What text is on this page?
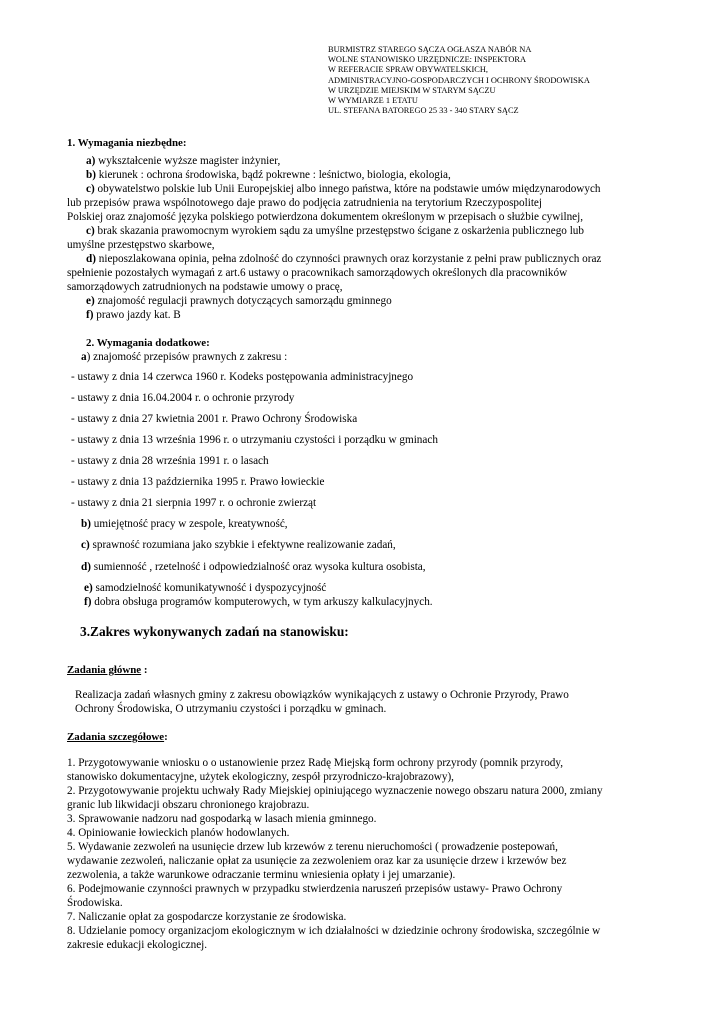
BURMISTRZ STAREGO SĄCZA OGŁASZA NABÓR NA
WOLNE STANOWISKO URZĘDNICZE: INSPEKTORA
W REFERACIE SPRAW OBYWATELSKICH,
ADMINISTRACYJNO-GOSPODARCZYCH I OCHRONY ŚRODOWISKA
W URZĘDZIE MIEJSKIM W STARYM SĄCZU
W WYMIARZE 1 ETATU
UL. STEFANA BATOREGO 25 33 - 340 STARY SĄCZ
1. Wymagania niezbędne:
a) wykształcenie wyższe magister inżynier,
b) kierunek : ochrona środowiska, bądź pokrewne : leśnictwo, biologia, ekologia,
c) obywatelstwo polskie lub Unii Europejskiej albo innego państwa, które na podstawie umów międzynarodowych
lub przepisów prawa wspólnotowego daje prawo do podjęcia zatrudnienia na terytorium Rzeczypospolitej
Polskiej oraz znajomość języka polskiego potwierdzona dokumentem określonym w przepisach o służbie cywilnej,
c) brak skazania prawomocnym wyrokiem sądu za umyślne przestępstwo ścigane z oskarżenia publicznego lub
umyślne przestępstwo skarbowe,
d) nieposzlakowana opinia, pełna zdolność do czynności prawnych oraz korzystanie z pełni praw publicznych oraz
spełnienie pozostałych wymagań z art.6 ustawy o pracownikach samorządowych określonych dla pracowników
samorządowych zatrudnionych na podstawie umowy o pracę,
e) znajomość regulacji prawnych dotyczących samorządu gminnego
f) prawo jazdy kat. B
2. Wymagania dodatkowe:
a) znajomość przepisów prawnych z zakresu :
- ustawy z dnia 14 czerwca 1960 r. Kodeks postępowania administracyjnego
- ustawy z dnia 16.04.2004 r. o ochronie przyrody
- ustawy z dnia 27 kwietnia 2001 r. Prawo Ochrony Środowiska
- ustawy z dnia 13 września 1996 r. o utrzymaniu czystości i porządku w gminach
- ustawy z dnia 28 września 1991 r. o lasach
- ustawy z dnia 13 października 1995 r. Prawo łowieckie
- ustawy z dnia 21 sierpnia 1997 r. o ochronie zwierząt
b) umiejętność pracy w zespole, kreatywność,
c) sprawność rozumiana jako szybkie i efektywne realizowanie zadań,
d) sumienność , rzetelność i odpowiedzialność oraz wysoka kultura osobista,
e) samodzielność komunikatywność i dyspozycyjność
f) dobra obsługa programów komputerowych, w tym arkuszy kalkulacyjnych.
3.Zakres wykonywanych zadań na stanowisku:
Zadania główne :
Realizacja zadań własnych gminy z zakresu obowiązków wynikających z ustawy o Ochronie Przyrody, Prawo
Ochrony Środowiska, O utrzymaniu czystości i porządku w gminach.
Zadania szczegółowe:
1. Przygotowywanie wniosku o o ustanowienie przez Radę Miejską form ochrony przyrody (pomnik przyrody,
stanowisko dokumentacyjne, użytek ekologiczny, zespół przyrodniczo-krajobrazowy),
2. Przygotowywanie projektu uchwały Rady Miejskiej opiniującego wyznaczenie nowego obszaru natura 2000, zmiany
granic lub likwidacji obszaru chronionego krajobrazu.
3. Sprawowanie nadzoru nad gospodarką w lasach mienia gminnego.
4. Opiniowanie łowieckich planów hodowlanych.
5. Wydawanie zezwoleń na usunięcie drzew lub krzewów z terenu nieruchomości ( prowadzenie postepowań,
wydawanie zezwoleń, naliczanie opłat za usunięcie za zezwoleniem oraz kar za usunięcie drzew i krzewów bez
zezwolenia, a także warunkowe odraczanie terminu wniesienia opłaty i jej umarzanie).
6. Podejmowanie czynności prawnych w przypadku stwierdzenia naruszeń przepisów ustawy- Prawo Ochrony
Środowiska.
7. Naliczanie opłat za gospodarcze korzystanie ze środowiska.
8. Udzielanie pomocy organizacjom ekologicznym w ich działalności w dziedzinie ochrony środowiska, szczególnie w
zakresie edukacji ekologicznej.
